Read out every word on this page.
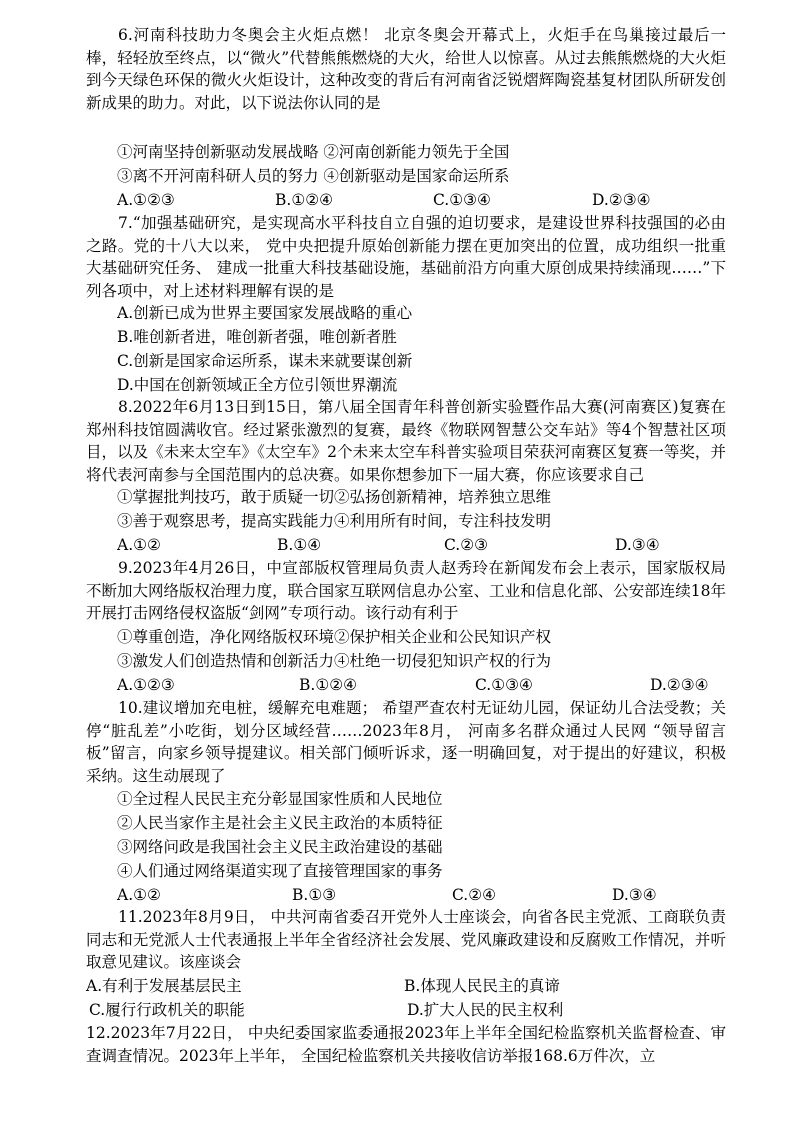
6.河南科技助力冬奥会主火炬点燃！ 北京冬奥会开幕式上，火炬手在鸟巢接过最后一棒，轻轻放至终点，以“微火”代替熊熊燃烧的大火，给世人以惊喜。从过去熊熊燃烧的大火炬到今天绿色环保的微火火炬设计，这种改变的背后有河南省泛锐熠辉陶瓷基复材团队所研发创新成果的助力。对此，以下说法你认同的是

①河南坚持创新驱动发展战略 ②河南创新能力领先于全国
③离不开河南科研人员的努力 ④创新驱动是国家命运所系
A.①②③	B.①②④	C.①③④	D.②③④

7.“加强基础研究，是实现高水平科技自立自强的迫切要求，是建设世界科技强国的必由之路。党的十八大以来， 党中央把提升原始创新能力摆在更加突出的位置，成功组织一批重大基础研究任务、 建成一批重大科技基础设施，基础前沿方向重大原创成果持续涌现……”下列各项中，对上述材料理解有误的是

A.创新已成为世界主要国家发展战略的重心
B.唯创新者进，唯创新者强，唯创新者胜
C.创新是国家命运所系，谋未来就要谋创新
D.中国在创新领域正全方位引领世界潮流

8.2022年6月13日到15日，第八届全国青年科普创新实验暨作品大赛(河南赛区)复赛在郑州科技馆圆满收官。经过紧张激烈的复赛，最终《物联网智慧公交车站》等4个智慧社区项目，以及《未来太空车》《太空车》2个未来太空车科普实验项目荣获河南赛区复赛一等奖，并将代表河南参与全国范围内的总决赛。如果你想参加下一届大赛，你应该要求自己

①掌握批判技巧，敢于质疑一切②弘扬创新精神，培养独立思维
③善于观察思考，提高实践能力④利用所有时间，专注科技发明
A.①②	B.①④	C.②③	D.③④

9.2023年4月26日，中宣部版权管理局负责人赵秀玲在新闻发布会上表示，国家版权局不断加大网络版权治理力度，联合国家互联网信息办公室、工业和信息化部、公安部连续18年开展打击网络侵权盗版“剑网”专项行动。该行动有利于

①尊重创造，净化网络版权环境②保护相关企业和公民知识产权
③激发人们创造热情和创新活力④杜绝一切侵犯知识产权的行为
A.①②③	B.①②④	C.①③④	D.②③④

10.建议增加充电桩，缓解充电难题； 希望严查农村无证幼儿园，保证幼儿合法受教；关停“脏乱差”小吃街，划分区域经营……2023年8月， 河南多名群众通过人民网 “领导留言板”留言，向家乡领导提建议。相关部门倾听诉求，逐一明确回复，对于提出的好建议，积极采纳。这生动展现了

①全过程人民民主充分彰显国家性质和人民地位
②人民当家作主是社会主义民主政治的本质特征
③网络问政是我国社会主义民主政治建设的基础
④人们通过网络渠道实现了直接管理国家的事务
A.①②	B.①③	C.②④	D.③④

11.2023年8月9日， 中共河南省委召开党外人士座谈会，向省各民主党派、工商联负责同志和无党派人士代表通报上半年全省经济社会发展、党风廉政建设和反腐败工作情况，并听取意见建议。该座谈会

A.有利于发展基层民主	B.体现人民民主的真谛
C.履行行政机关的职能	D.扩大人民的民主权利

12.2023年7月22日， 中央纪委国家监委通报2023年上半年全国纪检监察机关监督检查、审查调查情况。2023年上半年， 全国纪检监察机关共接收信访举报168.6万件次，立
